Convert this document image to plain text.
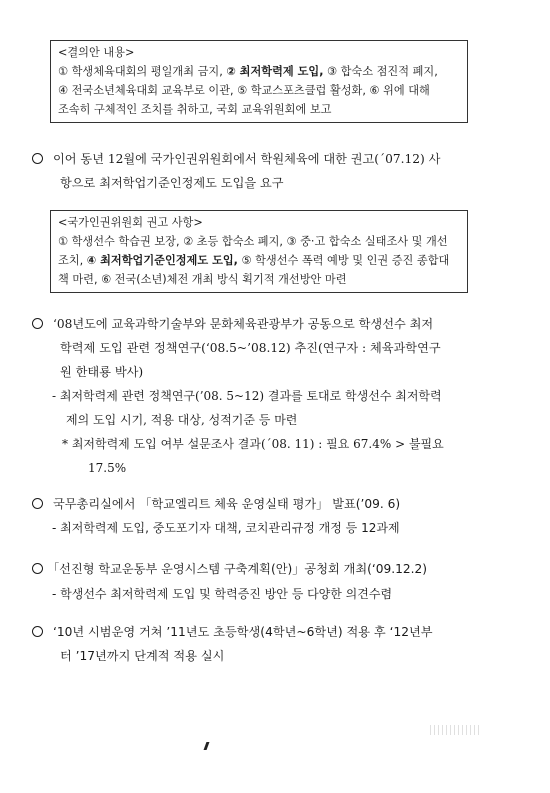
<결의안 내용>
① 학생체육대회의 평일개최 금지, ② 최저학력제 도입, ③ 합숙소 점진적 폐지,
④ 전국소년체육대회 교육부로 이관, ⑤ 학교스포츠클럽 활성화, ⑥ 위에 대해
조속히 구체적인 조치를 취하고, 국회 교육위원회에 보고
이어 동년 12월에 국가인권위원회에서 학원체육에 대한 권고(´07.12) 사
항으로 최저학업기준인정제도 도입을 요구
<국가인권위원회 권고 사항>
① 학생선수 학습권 보장, ② 초등 합숙소 폐지, ③ 중·고 합숙소 실태조사 및 개선
조치, ④ 최저학업기준인정제도 도입, ⑤ 학생선수 폭력 예방 및 인권 증진 종합대
책 마련, ⑥ 전국(소년)체전 개최 방식 획기적 개선방안 마련
‘08년도에 교육과학기술부와 문화체육관광부가 공동으로 학생선수 최저
학력제 도입 관련 정책연구(‘08.5~’08.12) 추진(연구자 : 체육과학연구
원 한태룡 박사)
- 최저학력제 관련 정책연구(’08. 5~12) 결과를 토대로 학생선수 최저학력
제의 도입 시기, 적용 대상, 성적기준 등 마련
* 최저학력제 도입 여부 설문조사 결과(´08. 11) : 필요 67.4% > 불필요
17.5%
국무총리실에서 「학교엘리트 체육 운영실태 평가」 발표(’09. 6)
- 최저학력제 도입, 중도포기자 대책, 코치관리규정 개정 등 12과제
「선진형 학교운동부 운영시스템 구축계획(안)」공청회 개최(‘09.12.2)
- 학생선수 최저학력제 도입 및 학력증진 방안 등 다양한 의견수렴
‘10년 시범운영 거쳐 ’11년도 초등학생(4학년~6학년) 적용 후 ‘12년부
터 ’17년까지 단계적 적용 실시
